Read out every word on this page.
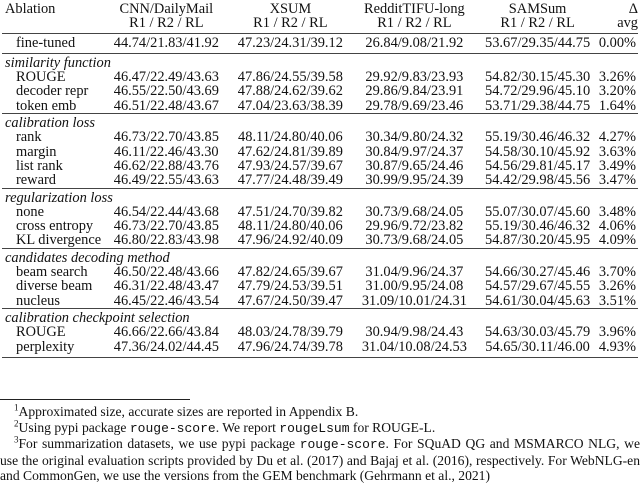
Ablation	CNN/DailyMail	XSUM	RedditTIFU-long	SAMSum	Δ
	R1 / R2 / RL	R1 / R2 / RL	R1 / R2 / RL	R1 / R2 / RL	avg
fine-tuned	44.74/21.83/41.92	47.23/24.31/39.12	26.84/9.08/21.92	53.67/29.35/44.75	0.00%
similarity function					
ROUGE	46.47/22.49/43.63	47.86/24.55/39.58	29.92/9.83/23.93	54.82/30.15/45.30	3.26%
decoder repr	46.55/22.50/43.69	47.88/24.62/39.62	29.86/9.84/23.91	54.72/29.96/45.10	3.20%
token emb	46.51/22.48/43.67	47.04/23.63/38.39	29.78/9.69/23.46	53.71/29.38/44.75	1.64%
calibration loss					
rank	46.73/22.70/43.85	48.11/24.80/40.06	30.34/9.80/24.32	55.19/30.46/46.32	4.27%
margin	46.11/22.46/43.30	47.62/24.81/39.89	30.84/9.97/24.37	54.58/30.10/45.92	3.63%
list rank	46.62/22.88/43.76	47.93/24.57/39.67	30.87/9.65/24.46	54.56/29.81/45.17	3.49%
reward	46.49/22.55/43.63	47.77/24.48/39.49	30.99/9.95/24.39	54.42/29.98/45.56	3.47%
regularization loss					
none	46.54/22.44/43.68	47.51/24.70/39.82	30.73/9.68/24.05	55.07/30.07/45.60	3.48%
cross entropy	46.73/22.70/43.85	48.11/24.80/40.06	29.96/9.72/23.82	55.19/30.46/46.32	4.06%
KL divergence	46.80/22.83/43.98	47.96/24.92/40.09	30.73/9.68/24.05	54.87/30.20/45.95	4.09%
candidates decoding method					
beam search	46.50/22.48/43.66	47.82/24.65/39.67	31.04/9.96/24.37	54.66/30.27/45.46	3.70%
diverse beam	46.31/22.48/43.47	47.79/24.53/39.51	31.00/9.95/24.08	54.57/29.67/45.55	3.26%
nucleus	46.45/22.46/43.54	47.67/24.50/39.47	31.09/10.01/24.31	54.61/30.04/45.63	3.51%
calibration checkpoint selection					
ROUGE	46.66/22.66/43.84	48.03/24.78/39.79	30.94/9.98/24.43	54.63/30.03/45.79	3.96%
perplexity	47.36/24.02/44.45	47.96/24.74/39.78	31.04/10.08/24.53	54.65/30.11/46.00	4.93%

$^1$Approximated size, accurate sizes are reported in Appendix B.

$^2$Using pypi package rouge-score. We report rougeLsum for ROUGE-L.

$^3$For summarization datasets, we use pypi package rouge-score. For SQuAD QG and MSMARCO NLG, we use the original evaluation scripts provided by Du et al. (2017) and Bajaj et al. (2016), respectively. For WebNLG-en and CommonGen, we use the versions from the GEM benchmark (Gehrmann et al., 2021)
